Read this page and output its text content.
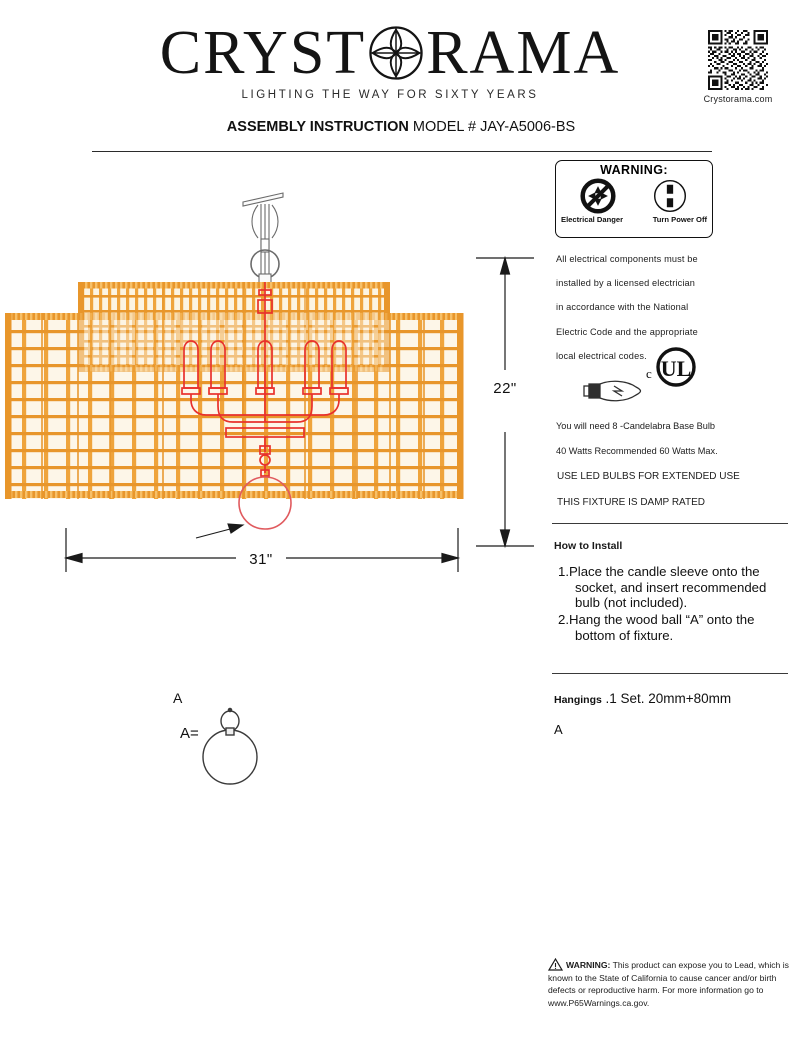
CRYST RAMA
LIGHTING THE WAY FOR SIXTY YEARS	Crystorama.com
ASSEMBLY INSTRUCTION MODEL # JAY-A5006-BS
31"
22"
A
A=
WARNING:
Electrical Danger	Turn Power Off
All electrical components must be
installed by a licensed electrician
in accordance with the National
Electric Code and the appropriate
local electrical codes.
c UL
You will need 8 -Candelabra Base Bulb
40 Watts Recommended 60 Watts Max.
USE LED BULBS FOR EXTENDED USE
THIS FIXTURE IS DAMP RATED
How to Install
1.Place the candle sleeve onto the socket, and insert recommended bulb (not included).
2.Hang the wood ball “A” onto the bottom of fixture.
Hangings .1 Set. 20mm+80mm
A
WARNING: This product can expose you to Lead, which is known to the State of California to cause cancer and/or birth defects or reproductive harm. For more information go to www.P65Warnings.ca.gov.
